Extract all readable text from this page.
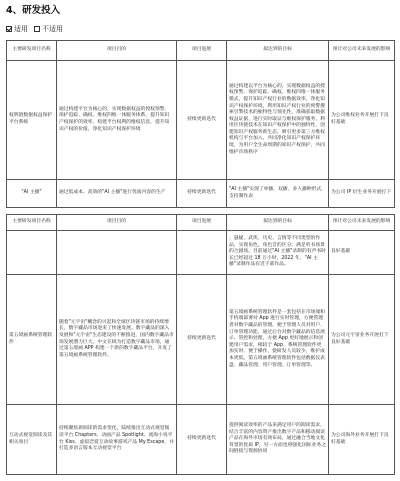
4、研发投入
适用	不适用
主要研发项目名称	项目目的	项目进展	拟达到的目标	预计对公司未来发展的影响
权明链数据权益保护平台系统	通过构建平台为核心的，实现数据权益的授权预警、保护追踪、确权、维权四维一体服务体系，提升知识产权保护的效率，构建平台权利的维权信息，提升知识产权的价值，净化知识产权保护环境	持续更新迭代	通过构建以平台为核心的，实现数据权益的授权预警、保护追踪、确权、维权四维一体服务模式，提升知识产权行业的数据效率，净化知识产权保护环境，利用知识产权行业的预警搜索引擎技术的独特性与领先性，准确获取数据权益证据，进行实时取证与维权保护服务，利用区块链技术在知识产权保护中的独特性，创建知识产权服务新生态，吸引更多第三方维权机构与平台加入，共同净化知识产权保护环境，为用户全生命周期的知识产权保护，共同维护市场秩序	为公司维权业务开展打下良好基础
"AI 主播"	通过低成本、高效的"AI 主播"进行优质内容的生产	持续更新迭代	"AI 主播"实现了单播、双播、多人播种形式，支持制作表	为公司 IP 衍生业务开展打下
主要研发项目名称	项目目的	项目进展	拟达到的目标	预计对公司未来发展的影响
			、悬疑、武侠、历史、言情等不同类型的作品，实现角色、角色音的区分，满足听书场景的合剧场。目前通过"AI 主播"录制的有声书时长已经超过 18 万小时，2022 年，"AI 主播"录制作品有近千部作品。	良好基础
第五境画系统管理软件	随着"元宇宙"概念的兴起和全球区块链市场的持续增长，数字藏品市场迎来了快速发展。数字藏品的深入发展和"元宇宙"生态建设的不断推进，国内数字藏品市场发展潜力巨大。中文在线为打造数字藏品市场，通过第五境画 APP 构建一个新的数字藏品平台，开发了第五境画系统管理软件。	持续更新迭代	第五境画系统管理软件是一套包括在市场端和手机端部署对 App 进行实时管理，方便管理者对数字藏品的管理，便于管理人员对用户、订单管理功能，通过后台对数字藏品的信息展示、管控和处理，方便 App 更好地展示和创建用户需求，相较于 App，系统管理软件更加实时、便于操作，使研发人员较少，维护成本更低。第五境画系统管理软件包括数据仪表盘、藏品管理、用户管理、订单管理等。	为公司元宇宙业务开展打下良好基础
互动式视觉阅读及其相关项目	持续聚焦新阅读的需求变化，陆续推出互动式视觉阅读平台 Chapters、动画产品 Spotlight、流海小说平台 Kiss、虚拟恋爱互动故事游戏产品 My Escape，并打造多语言版本互动视觉平台	持续更新迭代	提供阅读效率的产品来满足用户的阅读需求，结合丰富的内容资产推出数字产品和移动阅读产品在海外市场有效布局，通过融合当地文化背景的优质 IP，另一方面也将强化国际业务之间链接与资源协同	为公司海外业务开展打下良好基础
